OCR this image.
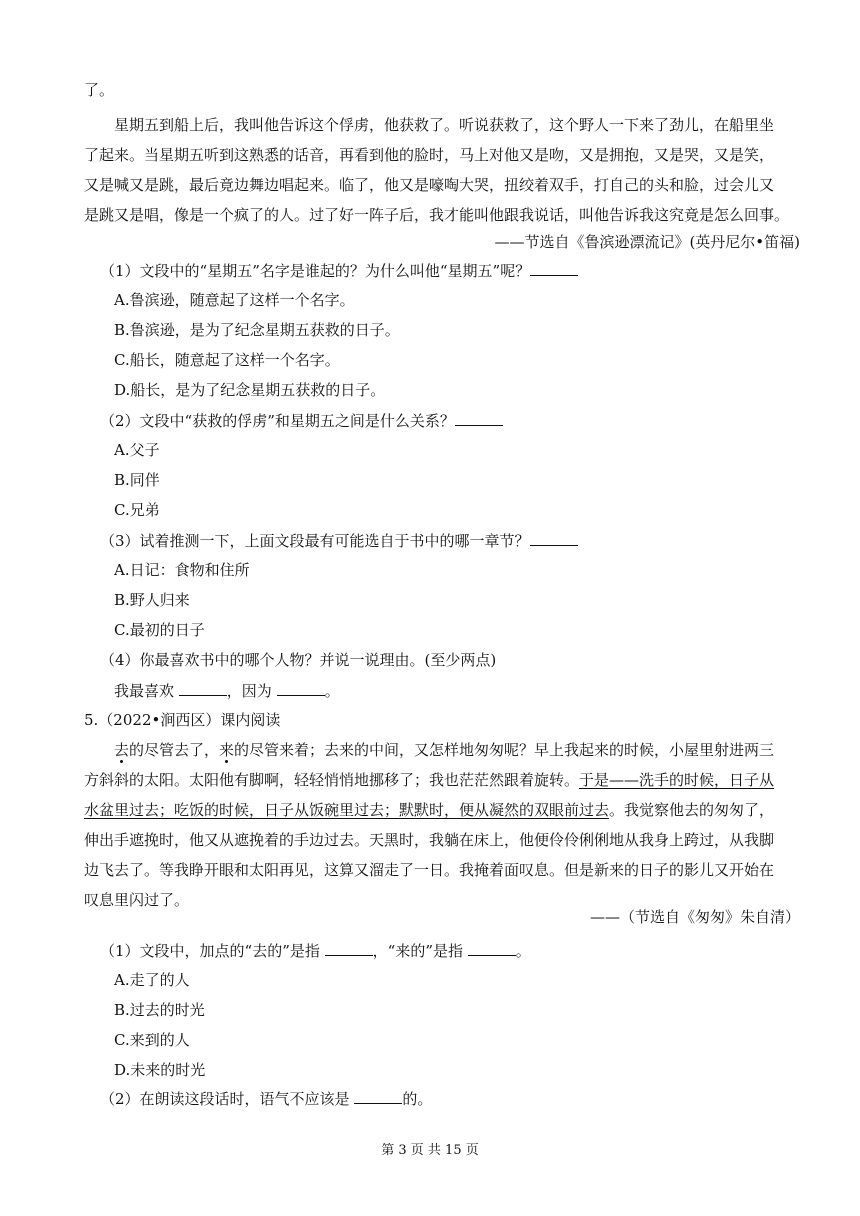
了。
星期五到船上后，我叫他告诉这个俘虏，他获救了。听说获救了，这个野人一下来了劲儿，在船里坐
了起来。当星期五听到这熟悉的话音，再看到他的脸时，马上对他又是吻，又是拥抱，又是哭，又是笑，
又是喊又是跳，最后竟边舞边唱起来。临了，他又是嚎啕大哭，扭绞着双手，打自己的头和脸，过会儿又
是跳又是唱，像是一个疯了的人。过了好一阵子后，我才能叫他跟我说话，叫他告诉我这究竟是怎么回事。
——节选自《鲁滨逊漂流记》(英丹尼尔•笛福)
（1）文段中的“星期五”名字是谁起的？为什么叫他“星期五”呢？
A.鲁滨逊，随意起了这样一个名字。
B.鲁滨逊，是为了纪念星期五获救的日子。
C.船长，随意起了这样一个名字。
D.船长，是为了纪念星期五获救的日子。
（2）文段中“获救的俘虏”和星期五之间是什么关系？
A.父子
B.同伴
C.兄弟
（3）试着推测一下，上面文段最有可能选自于书中的哪一章节？
A.日记：食物和住所
B.野人归来
C.最初的日子
（4）你最喜欢书中的哪个人物？并说一说理由。(至少两点)
我最喜欢	，因为	。
5.（2022•涧西区）课内阅读
去的尽管去了，来的尽管来着；去来的中间，又怎样地匆匆呢？早上我起来的时候，小屋里射进两三
方斜斜的太阳。太阳他有脚啊，轻轻悄悄地挪移了；我也茫茫然跟着旋转。于是——洗手的时候，日子从
水盆里过去；吃饭的时候，日子从饭碗里过去；默默时，便从凝然的双眼前过去。我觉察他去的匆匆了，
伸出手遮挽时，他又从遮挽着的手边过去。天黑时，我躺在床上，他便伶伶俐俐地从我身上跨过，从我脚
边飞去了。等我睁开眼和太阳再见，这算又溜走了一日。我掩着面叹息。但是新来的日子的影儿又开始在
叹息里闪过了。
——（节选自《匆匆》朱自清）
（1）文段中，加点的“去的”是指	，“来的”是指	。
A.走了的人
B.过去的时光
C.来到的人
D.未来的时光
（2）在朗读这段话时，语气不应该是	的。
第 3 页 共 15 页
